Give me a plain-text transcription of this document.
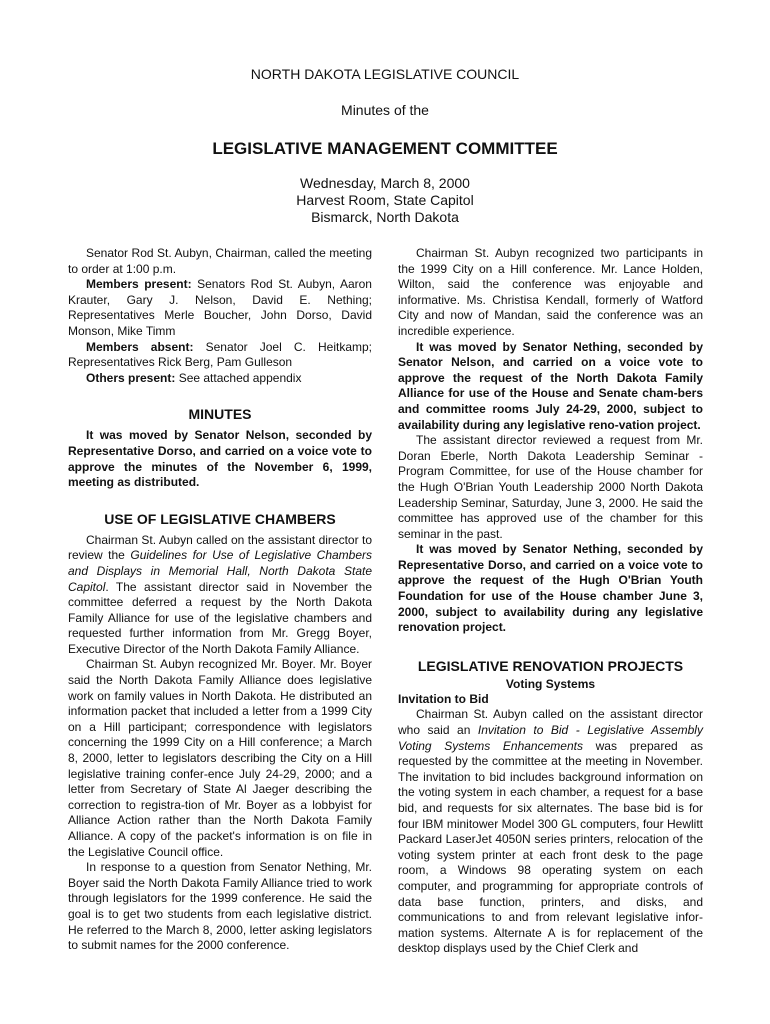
NORTH DAKOTA LEGISLATIVE COUNCIL

Minutes of the

LEGISLATIVE MANAGEMENT COMMITTEE

Wednesday, March 8, 2000
Harvest Room, State Capitol
Bismarck, North Dakota

Senator Rod St. Aubyn, Chairman, called the meeting to order at 1:00 p.m.

Members present: Senators Rod St. Aubyn, Aaron Krauter, Gary J. Nelson, David E. Nething; Representatives Merle Boucher, John Dorso, David Monson, Mike Timm

Members absent: Senator Joel C. Heitkamp; Representatives Rick Berg, Pam Gulleson

Others present: See attached appendix

MINUTES

It was moved by Senator Nelson, seconded by Representative Dorso, and carried on a voice vote to approve the minutes of the November 6, 1999, meeting as distributed.

USE OF LEGISLATIVE CHAMBERS

Chairman St. Aubyn called on the assistant director to review the Guidelines for Use of Legislative Chambers and Displays in Memorial Hall, North Dakota State Capitol. The assistant director said in November the committee deferred a request by the North Dakota Family Alliance for use of the legislative chambers and requested further information from Mr. Gregg Boyer, Executive Director of the North Dakota Family Alliance.

Chairman St. Aubyn recognized Mr. Boyer. Mr. Boyer said the North Dakota Family Alliance does legislative work on family values in North Dakota. He distributed an information packet that included a letter from a 1999 City on a Hill participant; correspondence with legislators concerning the 1999 City on a Hill conference; a March 8, 2000, letter to legislators describing the City on a Hill legislative training confer-ence July 24-29, 2000; and a letter from Secretary of State Al Jaeger describing the correction to registra-tion of Mr. Boyer as a lobbyist for Alliance Action rather than the North Dakota Family Alliance. A copy of the packet's information is on file in the Legislative Council office.

In response to a question from Senator Nething, Mr. Boyer said the North Dakota Family Alliance tried to work through legislators for the 1999 conference. He said the goal is to get two students from each legislative district. He referred to the March 8, 2000, letter asking legislators to submit names for the 2000 conference.

Chairman St. Aubyn recognized two participants in the 1999 City on a Hill conference. Mr. Lance Holden, Wilton, said the conference was enjoyable and informative. Ms. Christisa Kendall, formerly of Watford City and now of Mandan, said the conference was an incredible experience.

It was moved by Senator Nething, seconded by Senator Nelson, and carried on a voice vote to approve the request of the North Dakota Family Alliance for use of the House and Senate cham-bers and committee rooms July 24-29, 2000, subject to availability during any legislative reno-vation project.

The assistant director reviewed a request from Mr. Doran Eberle, North Dakota Leadership Seminar - Program Committee, for use of the House chamber for the Hugh O'Brian Youth Leadership 2000 North Dakota Leadership Seminar, Saturday, June 3, 2000. He said the committee has approved use of the chamber for this seminar in the past.

It was moved by Senator Nething, seconded by Representative Dorso, and carried on a voice vote to approve the request of the Hugh O'Brian Youth Foundation for use of the House chamber June 3, 2000, subject to availability during any legislative renovation project.

LEGISLATIVE RENOVATION PROJECTS

Voting Systems

Invitation to Bid

Chairman St. Aubyn called on the assistant director who said an Invitation to Bid - Legislative Assembly Voting Systems Enhancements was prepared as requested by the committee at the meeting in November. The invitation to bid includes background information on the voting system in each chamber, a request for a base bid, and requests for six alternates. The base bid is for four IBM minitower Model 300 GL computers, four Hewlitt Packard LaserJet 4050N series printers, relocation of the voting system printer at each front desk to the page room, a Windows 98 operating system on each computer, and programming for appropriate controls of data base function, printers, and disks, and communications to and from relevant legislative infor-mation systems. Alternate A is for replacement of the desktop displays used by the Chief Clerk and
